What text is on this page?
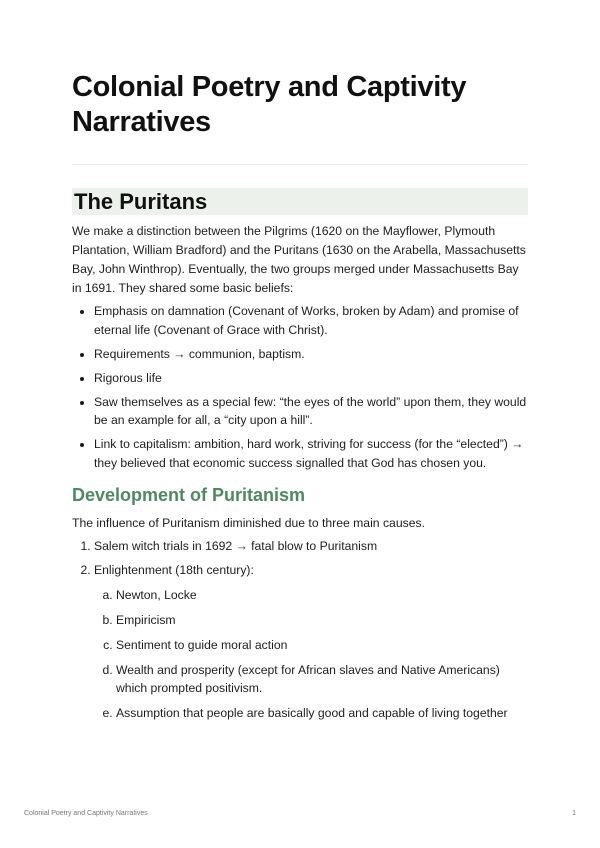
Colonial Poetry and Captivity Narratives
The Puritans

We make a distinction between the Pilgrims (1620 on the Mayflower, Plymouth Plantation, William Bradford) and the Puritans (1630 on the Arabella, Massachusetts Bay, John Winthrop). Eventually, the two groups merged under Massachusetts Bay in 1691. They shared some basic beliefs:

• Emphasis on damnation (Covenant of Works, broken by Adam) and promise of eternal life (Covenant of Grace with Christ).
• Requirements → communion, baptism.
• Rigorous life
• Saw themselves as a special few: “the eyes of the world” upon them, they would be an example for all, a “city upon a hill”.
• Link to capitalism: ambition, hard work, striving for success (for the “elected”) → they believed that economic success signalled that God has chosen you.
Development of Puritanism

The influence of Puritanism diminished due to three main causes.

1. Salem witch trials in 1692 → fatal blow to Puritanism
2. Enlightenment (18th century):
a. Newton, Locke
b. Empiricism
c. Sentiment to guide moral action
d. Wealth and prosperity (except for African slaves and Native Americans) which prompted positivism.
e. Assumption that people are basically good and capable of living together
Colonial Poetry and Captivity Narratives	1
